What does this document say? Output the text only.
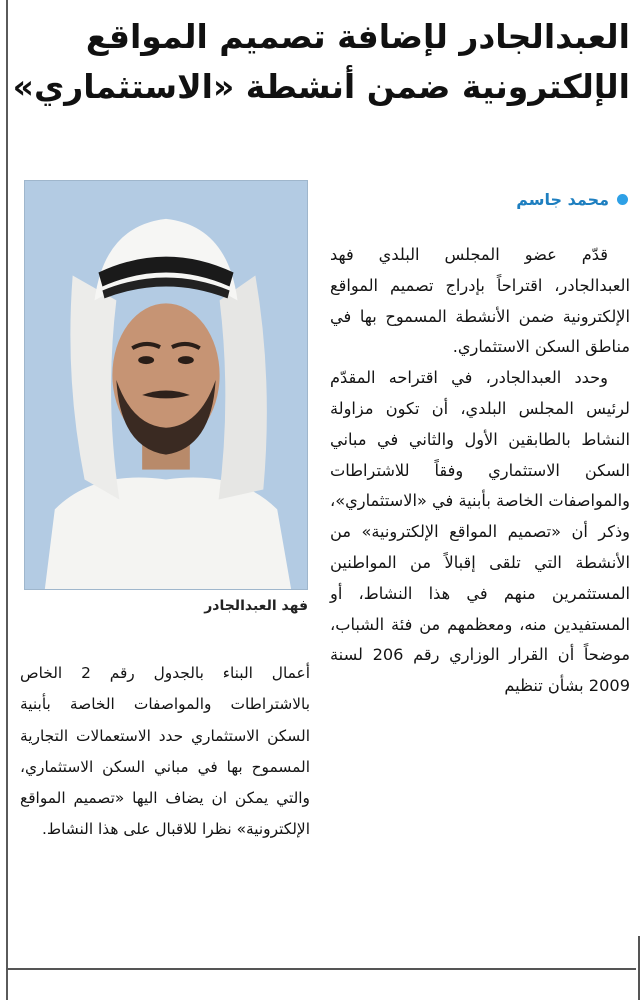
العبدالجادر لإضافة تصميم المواقع
الإلكترونية ضمن أنشطة «الاستثماري»
فهد العبدالجادر
محمد جاسم

قدّم عضو المجلس البلدي فهد العبدالجادر، اقتراحاً بإدراج تصميم المواقع الإلكترونية ضمن الأنشطة المسموح بها في مناطق السكن الاستثماري.

وحدد العبدالجادر، في اقتراحه المقدّم لرئيس المجلس البلدي، أن تكون مزاولة النشاط بالطابقين الأول والثاني في مباني السكن الاستثماري وفقاً للاشتراطات والمواصفات الخاصة بأبنية في «الاستثماري»، وذكر أن «تصميم المواقع الإلكترونية» من الأنشطة التي تلقى إقبالاً من المواطنين المستثمرين منهم في هذا النشاط، أو المستفيدين منه، ومعظمهم من فئة الشباب، موضحاً أن القرار الوزاري رقم 206 لسنة 2009 بشأن تنظيم

أعمال البناء بالجدول رقم 2 الخاص بالاشتراطات والمواصفات الخاصة بأبنية السكن الاستثماري حدد الاستعمالات التجارية المسموح بها في مباني السكن الاستثماري، والتي يمكن ان يضاف اليها «تصميم المواقع الإلكترونية» نظرا للاقبال على هذا النشاط.
